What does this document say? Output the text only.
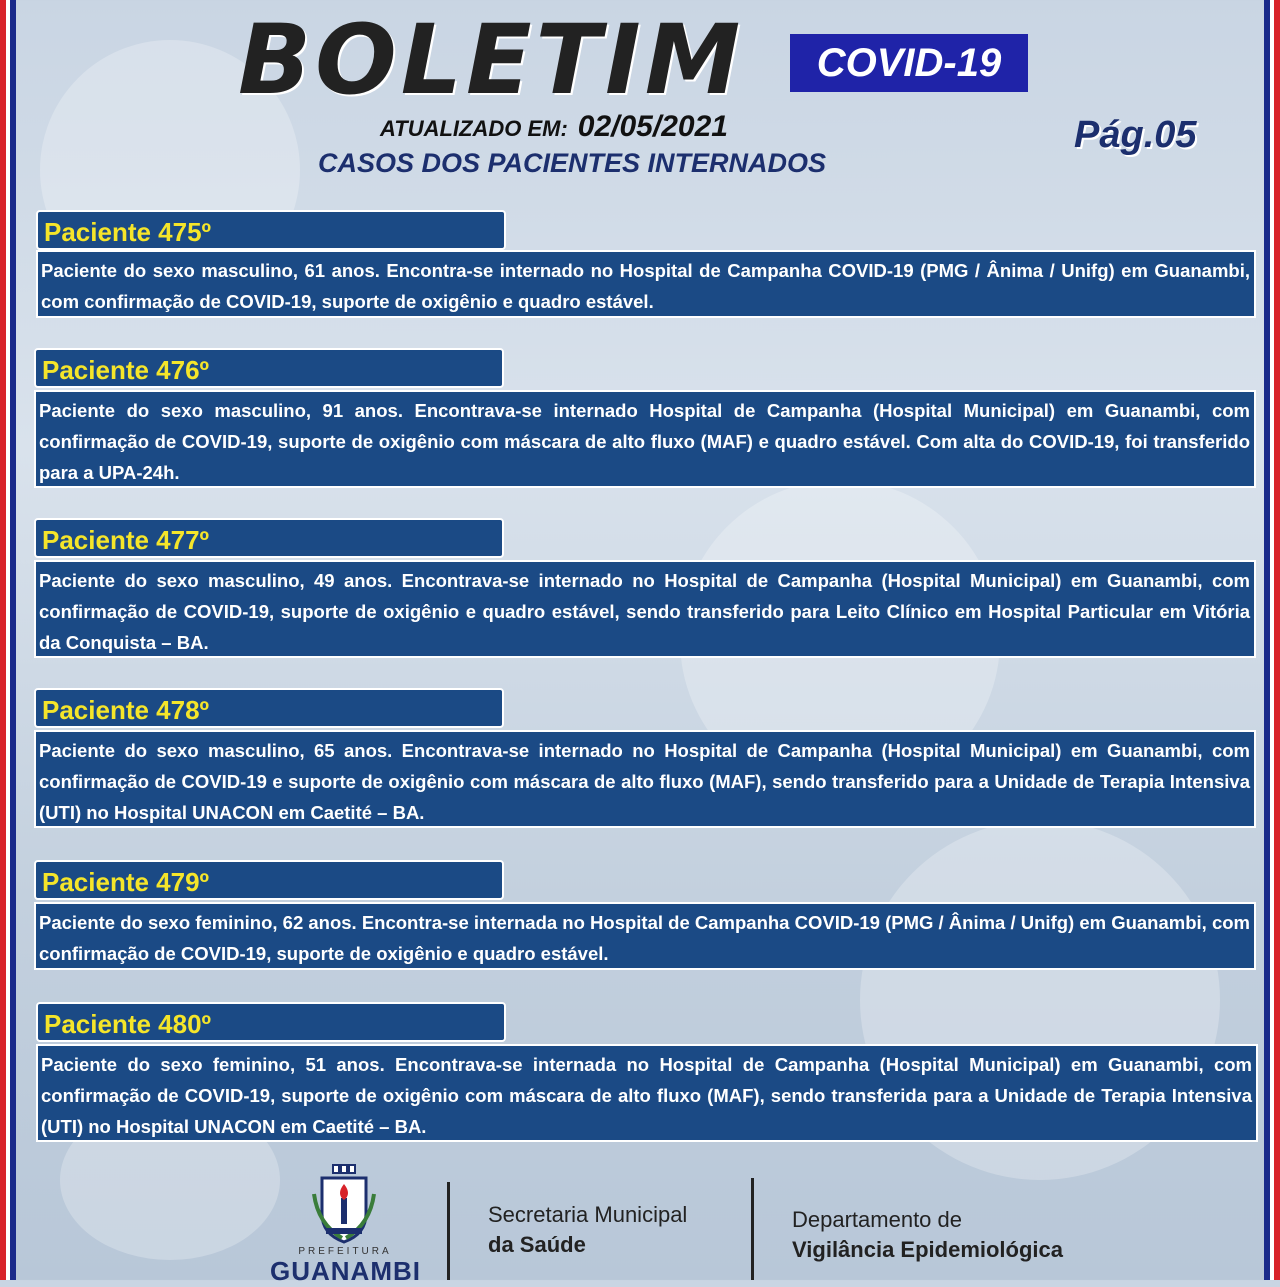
BOLETIM	COVID-19
ATUALIZADO EM: 02/05/2021
CASOS DOS PACIENTES INTERNADOS
Pág.05
Paciente 475º
Paciente do sexo masculino, 61 anos. Encontra-se internado no Hospital de Campanha COVID-19 (PMG / Ânima / Unifg) em Guanambi, com confirmação de COVID-19, suporte de oxigênio e quadro estável.
Paciente 476º
Paciente do sexo masculino, 91 anos. Encontrava-se internado Hospital de Campanha (Hospital Municipal) em Guanambi, com confirmação de COVID-19, suporte de oxigênio com máscara de alto fluxo (MAF) e quadro estável. Com alta do COVID-19, foi transferido para a UPA-24h.
Paciente 477º
Paciente do sexo masculino, 49 anos. Encontrava-se internado no Hospital de Campanha (Hospital Municipal) em Guanambi, com confirmação de COVID-19, suporte de oxigênio e quadro estável, sendo transferido para Leito Clínico em Hospital Particular em Vitória da Conquista – BA.
Paciente 478º
Paciente do sexo masculino, 65 anos. Encontrava-se internado no Hospital de Campanha (Hospital Municipal) em Guanambi, com confirmação de COVID-19 e suporte de oxigênio com máscara de alto fluxo (MAF), sendo transferido para a Unidade de Terapia Intensiva (UTI) no Hospital UNACON em Caetité – BA.
Paciente 479º
Paciente do sexo feminino, 62 anos. Encontra-se internada no Hospital de Campanha COVID-19 (PMG / Ânima / Unifg) em Guanambi, com confirmação de COVID-19, suporte de oxigênio e quadro estável.
Paciente 480º
Paciente do sexo feminino, 51 anos. Encontrava-se internada no Hospital de Campanha (Hospital Municipal) em Guanambi, com confirmação de COVID-19, suporte de oxigênio com máscara de alto fluxo (MAF), sendo transferida para a Unidade de Terapia Intensiva (UTI) no Hospital UNACON em Caetité – BA.
PREFEITURA
GUANAMBI
Secretaria Municipal
da Saúde
Departamento de
Vigilância Epidemiológica
